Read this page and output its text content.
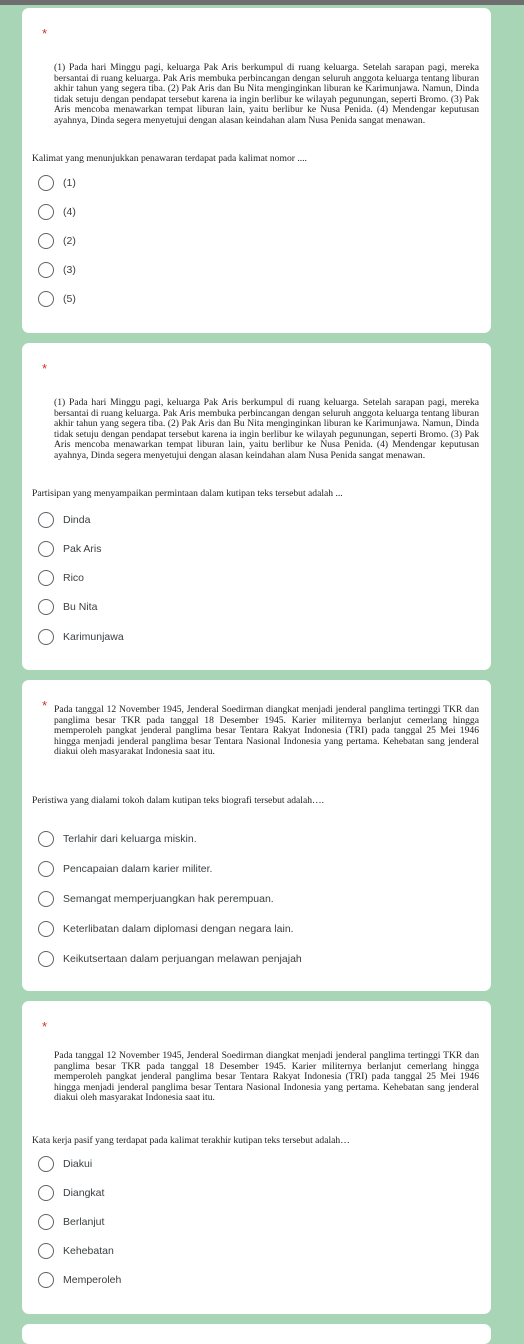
*

(1) Pada hari Minggu pagi, keluarga Pak Aris berkumpul di ruang keluarga. Setelah sarapan pagi, mereka bersantai di ruang keluarga. Pak Aris membuka perbincangan dengan seluruh anggota keluarga tentang liburan akhir tahun yang segera tiba. (2) Pak Aris dan Bu Nita menginginkan liburan ke Karimunjawa. Namun, Dinda tidak setuju dengan pendapat tersebut karena ia ingin berlibur ke wilayah pegunungan, seperti Bromo. (3) Pak Aris mencoba menawarkan tempat liburan lain, yaitu berlibur ke Nusa Penida. (4) Mendengar keputusan ayahnya, Dinda segera menyetujui dengan alasan keindahan alam Nusa Penida sangat menawan.

Kalimat yang menunjukkan penawaran terdapat pada kalimat nomor ....

(1)
(4)
(2)
(3)
(5)
*

(1) Pada hari Minggu pagi, keluarga Pak Aris berkumpul di ruang keluarga. Setelah sarapan pagi, mereka bersantai di ruang keluarga. Pak Aris membuka perbincangan dengan seluruh anggota keluarga tentang liburan akhir tahun yang segera tiba. (2) Pak Aris dan Bu Nita menginginkan liburan ke Karimunjawa. Namun, Dinda tidak setuju dengan pendapat tersebut karena ia ingin berlibur ke wilayah pegunungan, seperti Bromo. (3) Pak Aris mencoba menawarkan tempat liburan lain, yaitu berlibur ke Nusa Penida. (4) Mendengar keputusan ayahnya, Dinda segera menyetujui dengan alasan keindahan alam Nusa Penida sangat menawan.

Partisipan yang menyampaikan permintaan dalam kutipan teks tersebut adalah ...

Dinda
Pak Aris
Rico
Bu Nita
Karimunjawa
* Pada tanggal 12 November 1945, Jenderal Soedirman diangkat menjadi jenderal panglima tertinggi TKR dan panglima besar TKR pada tanggal 18 Desember 1945. Karier militernya berlanjut cemerlang hingga memperoleh pangkat jenderal panglima besar Tentara Rakyat Indonesia (TRI) pada tanggal 25 Mei 1946 hingga menjadi jenderal panglima besar Tentara Nasional Indonesia yang pertama. Kehebatan sang jenderal diakui oleh masyarakat Indonesia saat itu.

Peristiwa yang dialami tokoh dalam kutipan teks biografi tersebut adalah….

Terlahir dari keluarga miskin.
Pencapaian dalam karier militer.
Semangat memperjuangkan hak perempuan.
Keterlibatan dalam diplomasi dengan negara lain.
Keikutsertaan dalam perjuangan melawan penjajah
*

Pada tanggal 12 November 1945, Jenderal Soedirman diangkat menjadi jenderal panglima tertinggi TKR dan panglima besar TKR pada tanggal 18 Desember 1945. Karier militernya berlanjut cemerlang hingga memperoleh pangkat jenderal panglima besar Tentara Rakyat Indonesia (TRI) pada tanggal 25 Mei 1946 hingga menjadi jenderal panglima besar Tentara Nasional Indonesia yang pertama. Kehebatan sang jenderal diakui oleh masyarakat Indonesia saat itu.

Kata kerja pasif yang terdapat pada kalimat terakhir kutipan teks tersebut adalah…

Diakui
Diangkat
Berlanjut
Kehebatan
Memperoleh
